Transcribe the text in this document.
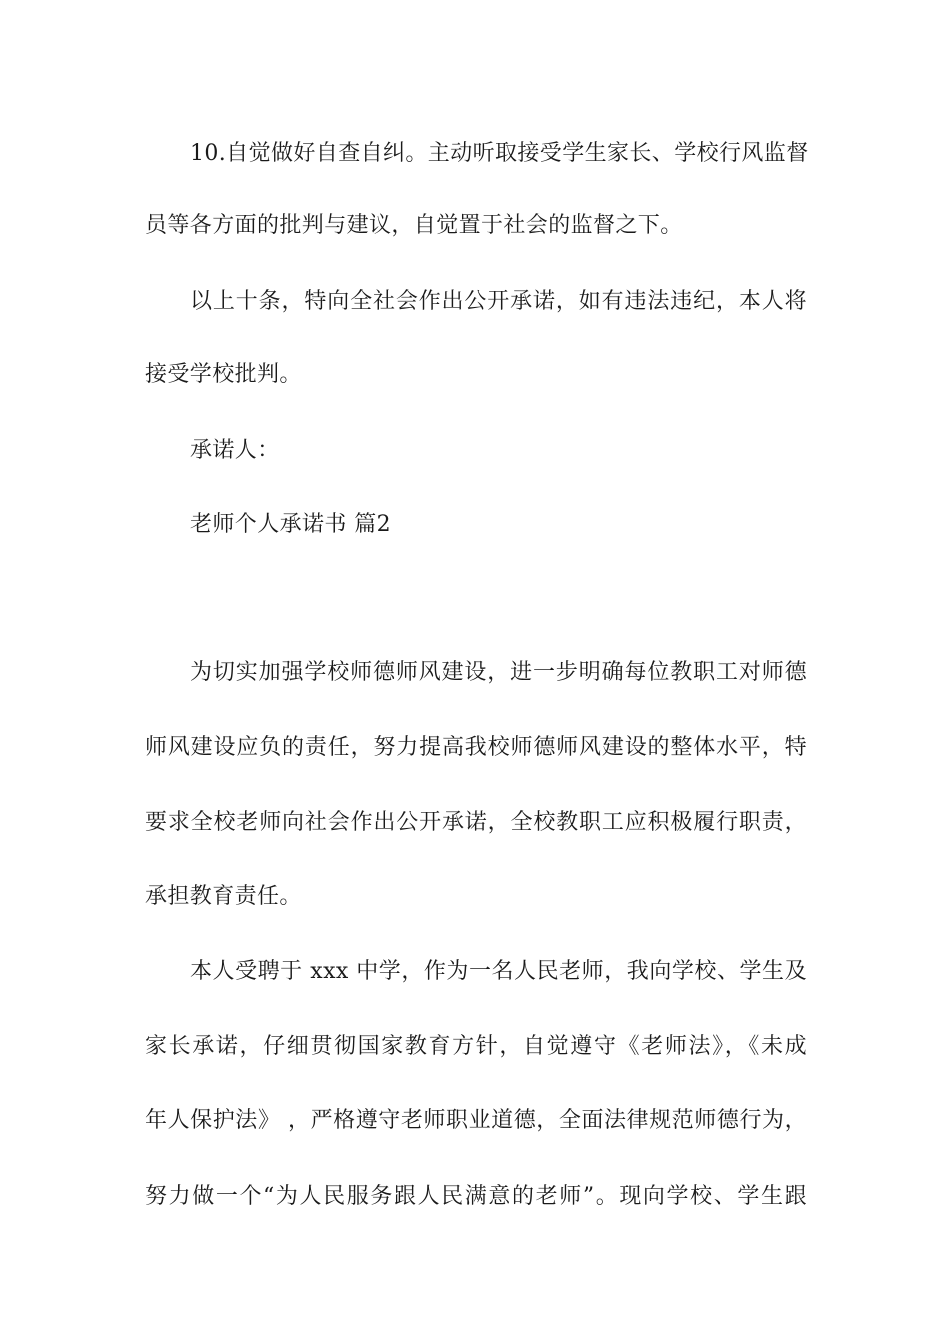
10.自觉做好自查自纠。主动听取接受学生家长、学校行风监督
员等各方面的批判与建议，自觉置于社会的监督之下。
以上十条，特向全社会作出公开承诺，如有违法违纪，本人将
接受学校批判。
承诺人：
老师个人承诺书 篇2
为切实加强学校师德师风建设，进一步明确每位教职工对师德
师风建设应负的责任，努力提高我校师德师风建设的整体水平，特
要求全校老师向社会作出公开承诺，全校教职工应积极履行职责，
承担教育责任。
本人受聘于 xxx 中学，作为一名人民老师，我向学校、学生及
家长承诺，仔细贯彻国家教育方针，自觉遵守《老师法》，《未成
年人保护法》 ，严格遵守老师职业道德，全面法律规范师德行为，
努力做一个“为人民服务跟人民满意的老师”。现向学校、学生跟
